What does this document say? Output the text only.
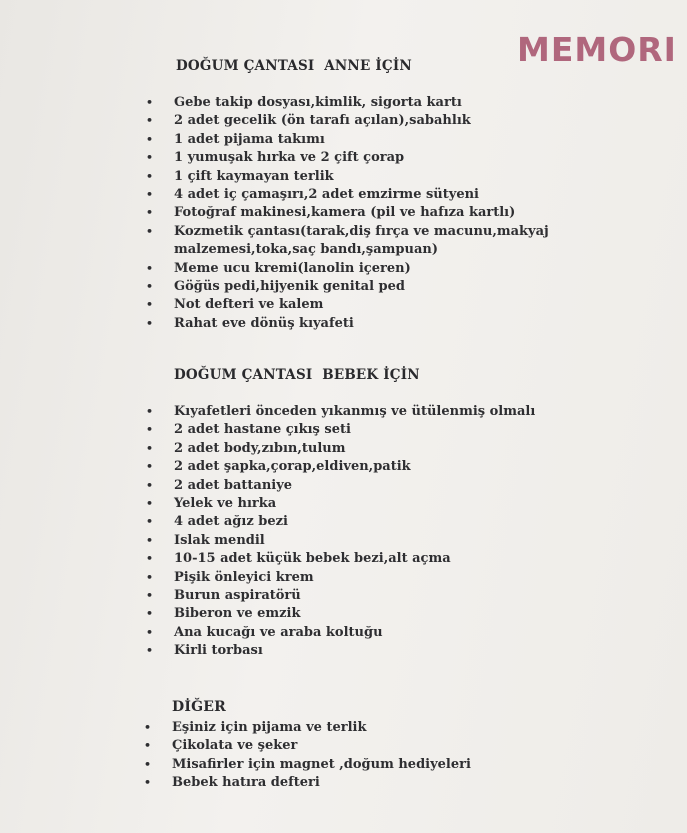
MEMORI
DOĞUM ÇANTASI  ANNE İÇİN
• Gebe takip dosyası,kimlik, sigorta kartı
• 2 adet gecelik (ön tarafı açılan),sabahlık
• 1 adet pijama takımı
• 1 yumuşak hırka ve 2 çift çorap
• 1 çift kaymayan terlik
• 4 adet iç çamaşırı,2 adet emzirme sütyeni
• Fotoğraf makinesi,kamera (pil ve hafıza kartlı)
• Kozmetik çantası(tarak,diş fırça ve macunu,makyaj malzemesi,toka,saç bandı,şampuan)
• Meme ucu kremi(lanolin içeren)
• Göğüs pedi,hijyenik genital ped
• Not defteri ve kalem
• Rahat eve dönüş kıyafeti
DOĞUM ÇANTASI  BEBEK İÇİN
• Kıyafetleri önceden yıkanmış ve ütülenmiş olmalı
• 2 adet hastane çıkış seti
• 2 adet body,zıbın,tulum
• 2 adet şapka,çorap,eldiven,patik
• 2 adet battaniye
• Yelek ve hırka
• 4 adet ağız bezi
• Islak mendil
• 10-15 adet küçük bebek bezi,alt açma
• Pişik önleyici krem
• Burun aspiratörü
• Biberon ve emzik
• Ana kucağı ve araba koltuğu
• Kirli torbası
DİĞER
• Eşiniz için pijama ve terlik
• Çikolata ve şeker
• Misafirler için magnet ,doğum hediyeleri
• Bebek hatıra defteri
